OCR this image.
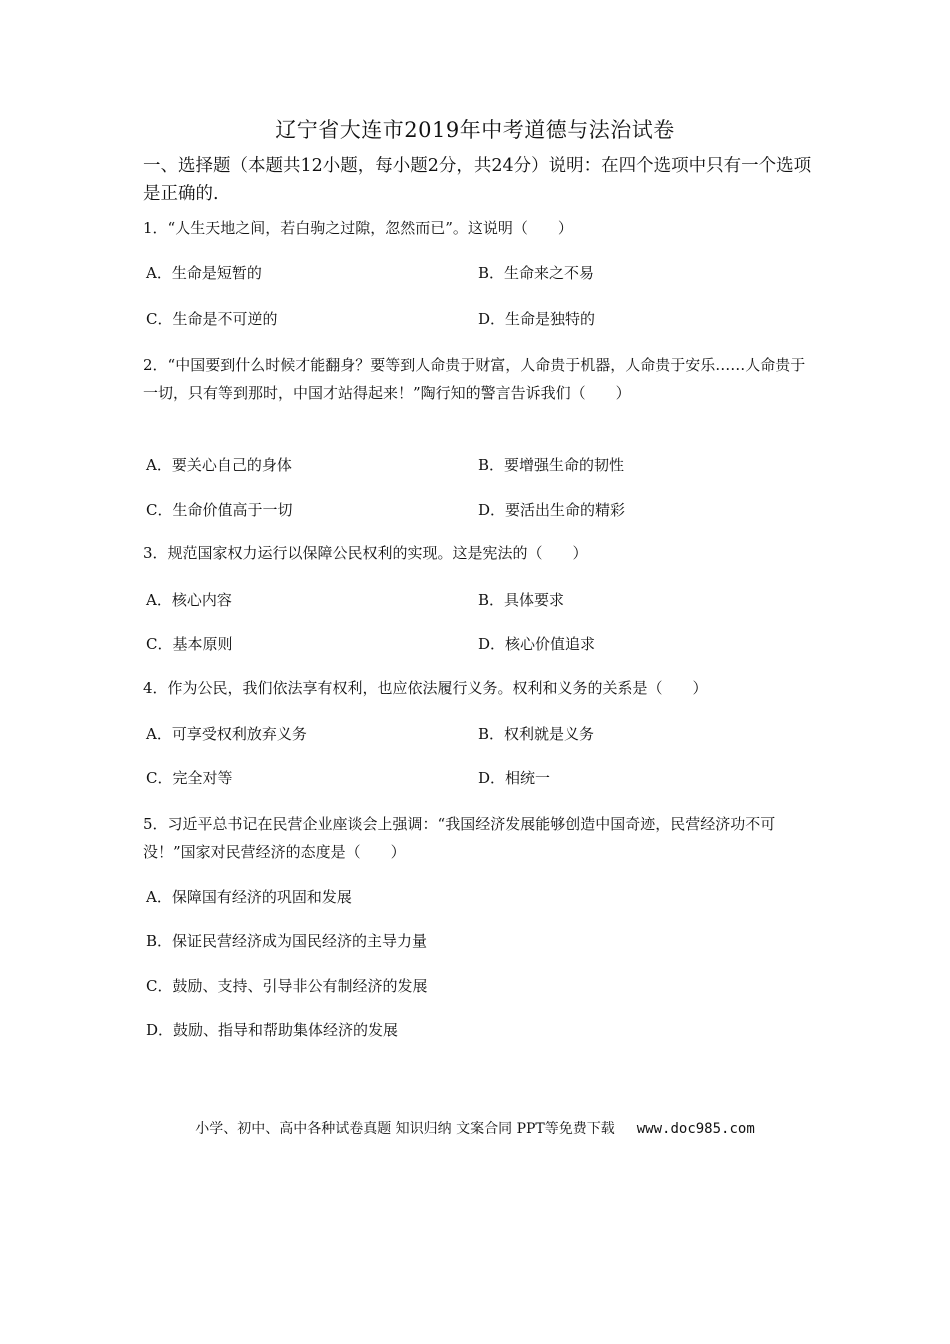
辽宁省大连市2019年中考道德与法治试卷
一、选择题（本题共12小题，每小题2分，共24分）说明：在四个选项中只有一个选项是正确的.
1．“人生天地之间，若白驹之过隙，忽然而已”。这说明（　　）
A．生命是短暂的	B．生命来之不易
C．生命是不可逆的	D．生命是独特的
2．“中国要到什么时候才能翻身？要等到人命贵于财富，人命贵于机器，人命贵于安乐……人命贵于一切，只有等到那时，中国才站得起来！”陶行知的警言告诉我们（　　）
A．要关心自己的身体	B．要增强生命的韧性
C．生命价值高于一切	D．要活出生命的精彩
3．规范国家权力运行以保障公民权利的实现。这是宪法的（　　）
A．核心内容	B．具体要求
C．基本原则	D．核心价值追求
4．作为公民，我们依法享有权利，也应依法履行义务。权利和义务的关系是（　　）
A．可享受权利放弃义务	B．权利就是义务
C．完全对等	D．相统一
5．习近平总书记在民营企业座谈会上强调：“我国经济发展能够创造中国奇迹，民营经济功不可没！”国家对民营经济的态度是（　　）
A．保障国有经济的巩固和发展
B．保证民营经济成为国民经济的主导力量
C．鼓励、支持、引导非公有制经济的发展
D．鼓励、指导和帮助集体经济的发展
小学、初中、高中各种试卷真题 知识归纳 文案合同 PPT等免费下载 www.doc985.com
